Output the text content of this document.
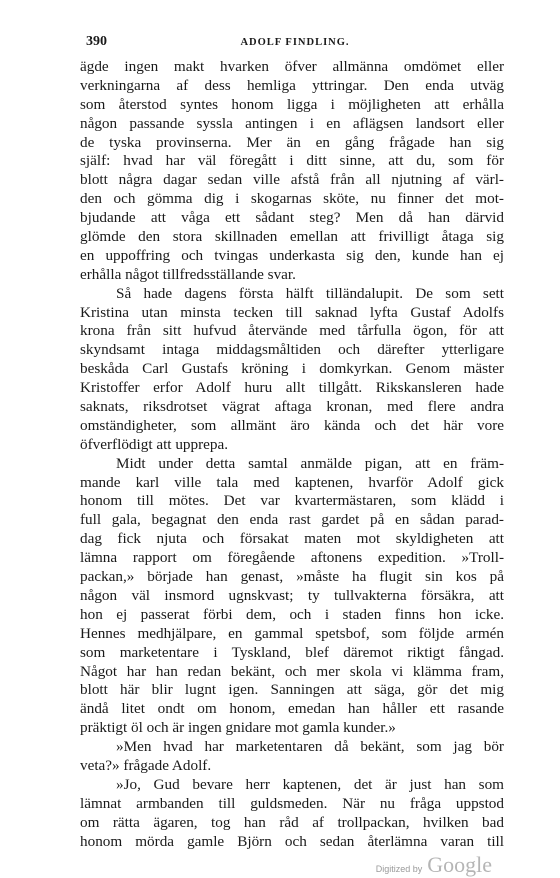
390	ADOLF FINDLING.
ägde ingen makt hvarken öfver allmänna omdömet eller
verkningarna af dess hemliga yttringar. Den enda utväg
som återstod syntes honom ligga i möjligheten att erhålla
någon passande syssla antingen i en aflägsen landsort eller
de tyska provinserna. Mer än en gång frågade han sig
själf: hvad har väl föregått i ditt sinne, att du, som för
blott några dagar sedan ville afstå från all njutning af värl-
den och gömma dig i skogarnas sköte, nu finner det mot-
bjudande att våga ett sådant steg? Men då han därvid
glömde den stora skillnaden emellan att frivilligt åtaga sig
en uppoffring och tvingas underkasta sig den, kunde han ej
erhålla något tillfredsställande svar.
Så hade dagens första hälft tilländalupit. De som sett
Kristina utan minsta tecken till saknad lyfta Gustaf Adolfs
krona från sitt hufvud återvände med tårfulla ögon, för att
skyndsamt intaga middagsmåltiden och därefter ytterligare
beskåda Carl Gustafs kröning i domkyrkan. Genom mäster
Kristoffer erfor Adolf huru allt tillgått. Rikskansleren hade
saknats, riksdrotset vägrat aftaga kronan, med flere andra
omständigheter, som allmänt äro kända och det här vore
öfverflödigt att upprepa.
Midt under detta samtal anmälde pigan, att en främ-
mande karl ville tala med kaptenen, hvarför Adolf gick
honom till mötes. Det var kvartermästaren, som klädd i
full gala, begagnat den enda rast gardet på en sådan parad-
dag fick njuta och försakat maten mot skyldigheten att
lämna rapport om föregående aftonens expedition. »Troll-
packan,» började han genast, »måste ha flugit sin kos på
någon väl insmord ugnskvast; ty tullvakterna försäkra, att
hon ej passerat förbi dem, och i staden finns hon icke.
Hennes medhjälpare, en gammal spetsbof, som följde armén
som marketentare i Tyskland, blef däremot riktigt fångad.
Något har han redan bekänt, och mer skola vi klämma fram,
blott här blir lugnt igen. Sanningen att säga, gör det mig
ändå litet ondt om honom, emedan han håller ett rasande
präktigt öl och är ingen gnidare mot gamla kunder.»
»Men hvad har marketentaren då bekänt, som jag bör
veta?» frågade Adolf.
»Jo, Gud bevare herr kaptenen, det är just han som
lämnat armbanden till guldsmeden. När nu fråga uppstod
om rätta ägaren, tog han råd af trollpackan, hvilken bad
honom mörda gamle Björn och sedan återlämna varan till
Digitized by Google
